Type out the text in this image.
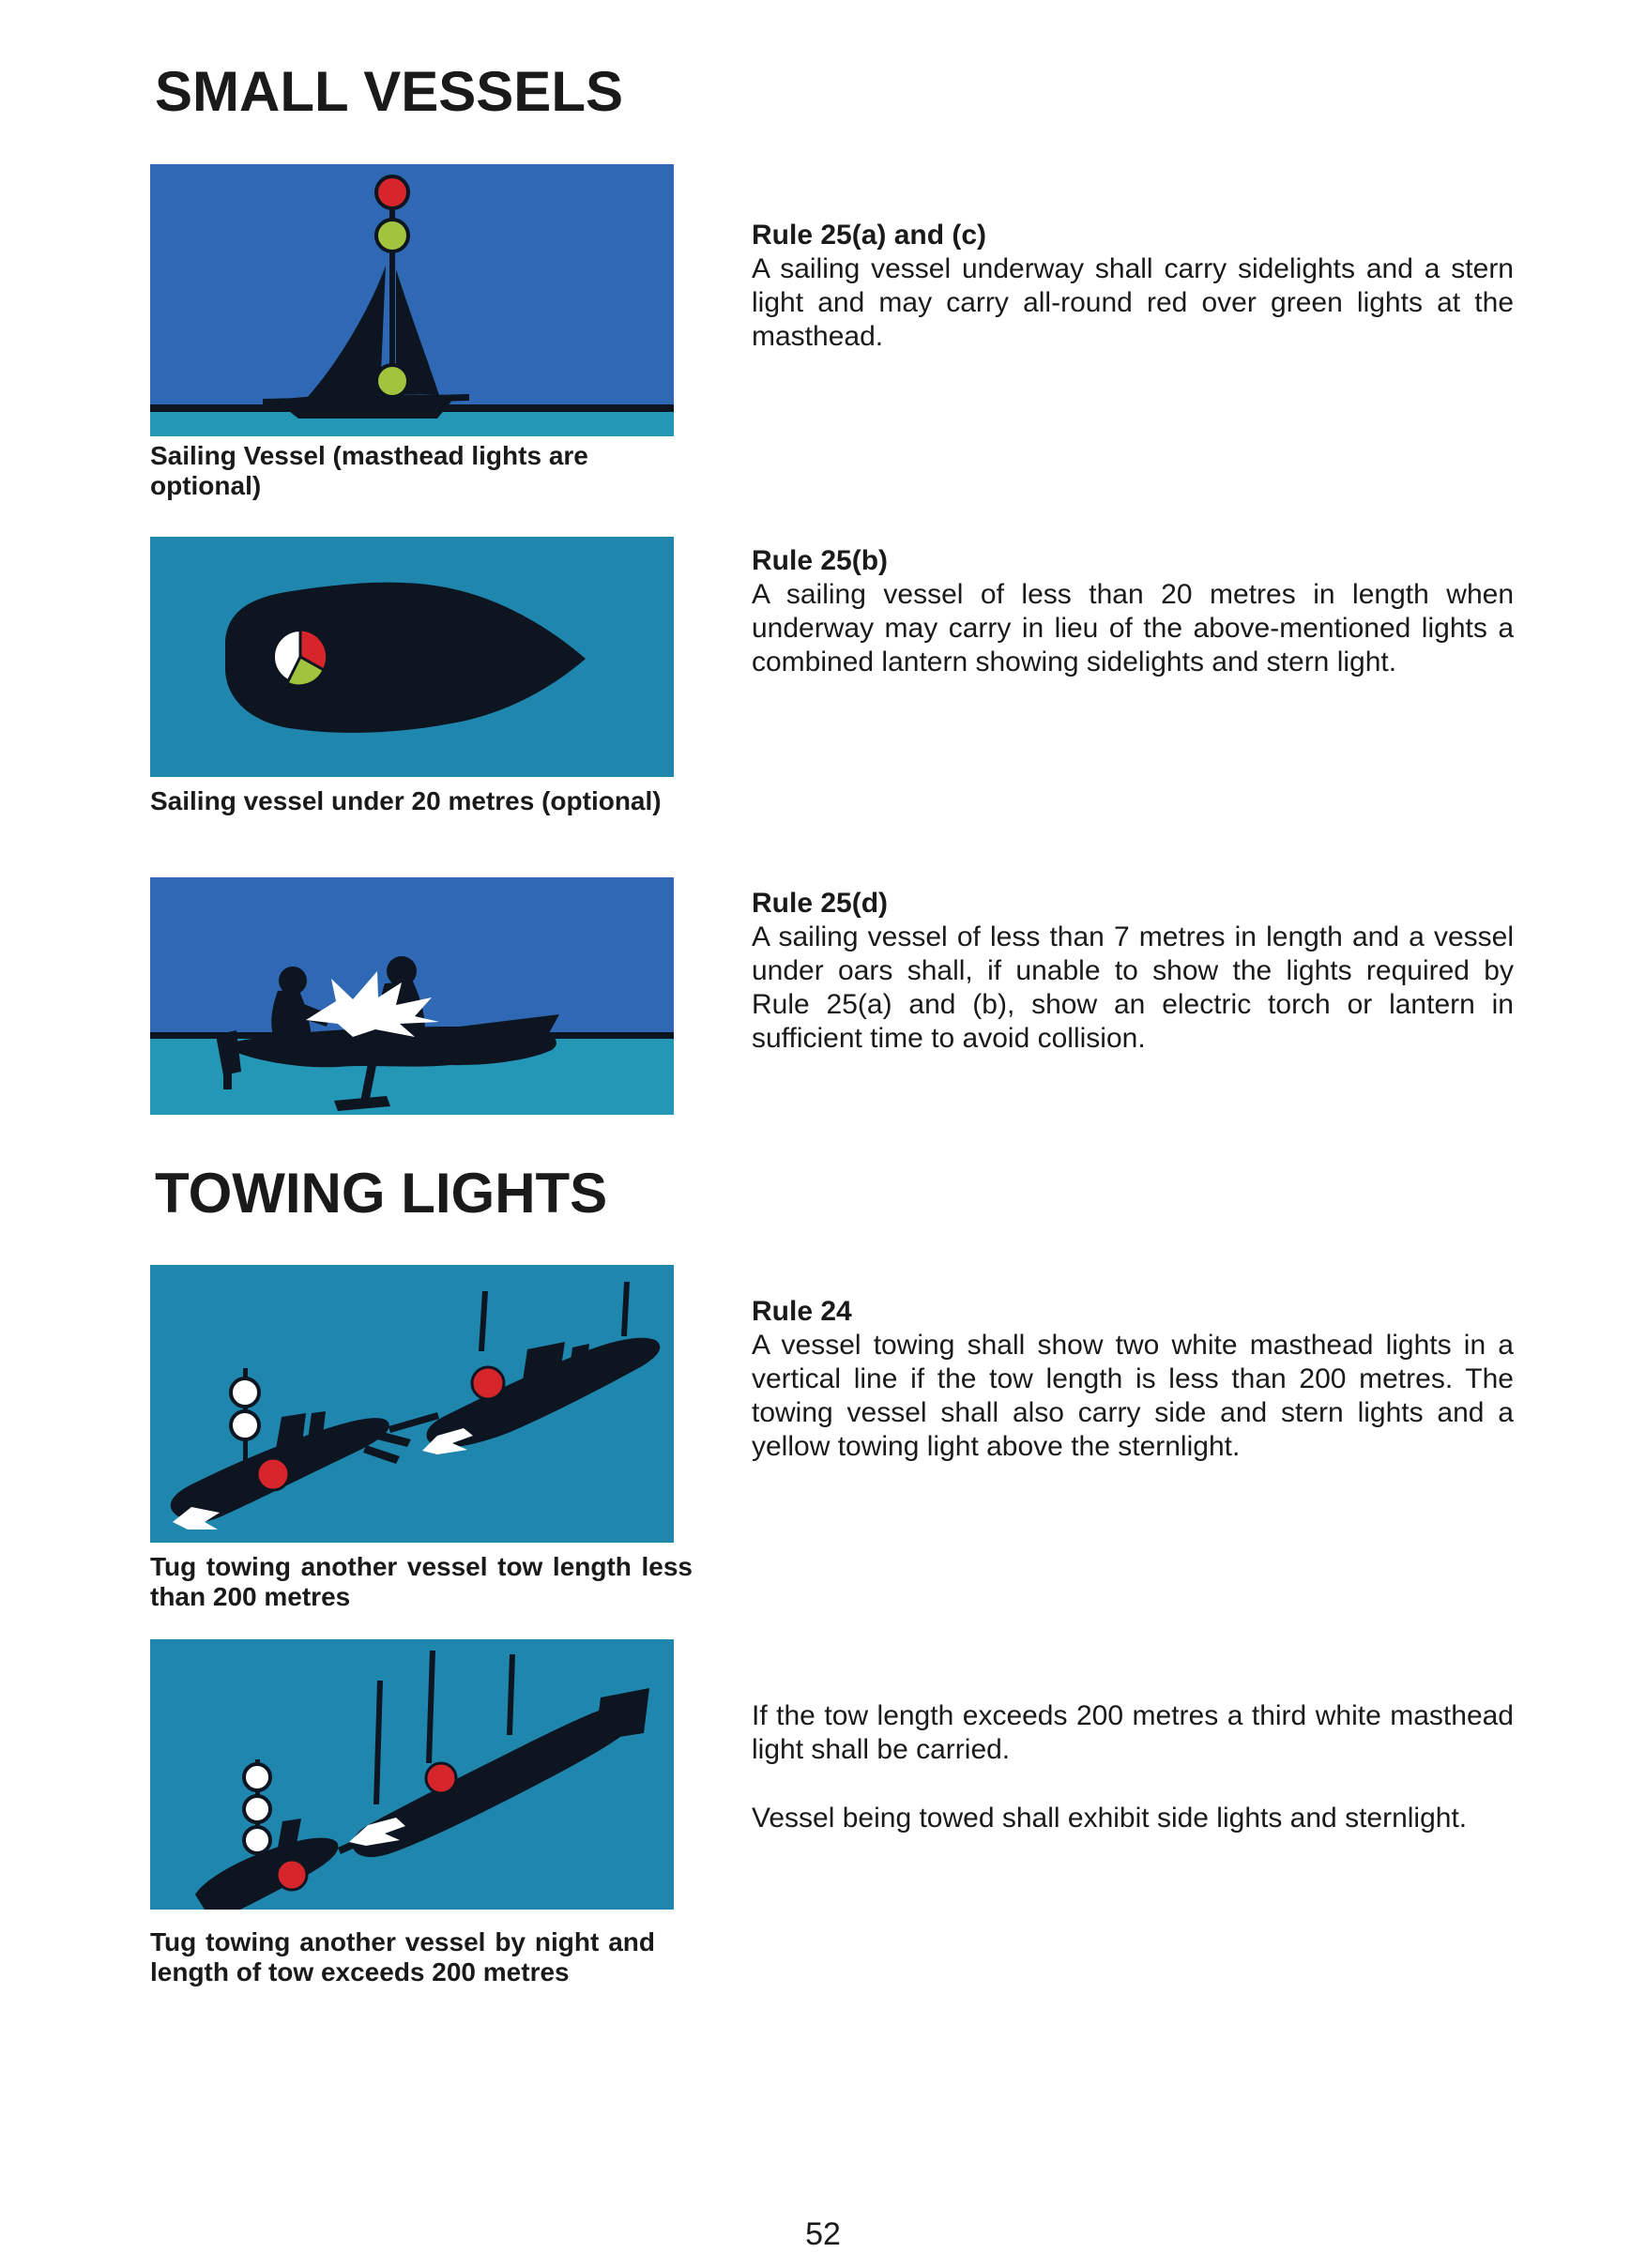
SMALL VESSELS
Sailing Vessel (masthead lights are optional)
Rule 25(a) and (c)

A sailing vessel underway shall carry sidelights and a stern light and may carry all-round red over green lights at the masthead.

Sailing vessel under 20 metres (optional)
Rule 25(b)

A sailing vessel of less than 20 metres in length when underway may carry in lieu of the above-mentioned lights a combined lantern showing sidelights and stern light.

Rule 25(d)

A sailing vessel of less than 7 metres in length and a vessel under oars shall, if unable to show the lights required by Rule 25(a) and (b), show an electric torch or lantern in sufficient time to avoid collision.

TOWING LIGHTS
Tug towing another vessel tow length less than 200 metres
Rule 24

A vessel towing shall show two white masthead lights in a vertical line if the tow length is less than 200 metres. The towing vessel shall also carry side and stern lights and a yellow towing light above the sternlight.

Tug towing another vessel by night and length of tow exceeds 200 metres

If the tow length exceeds 200 metres a third white masthead light shall be carried.

Vessel being towed shall exhibit side lights and sternlight.

52
